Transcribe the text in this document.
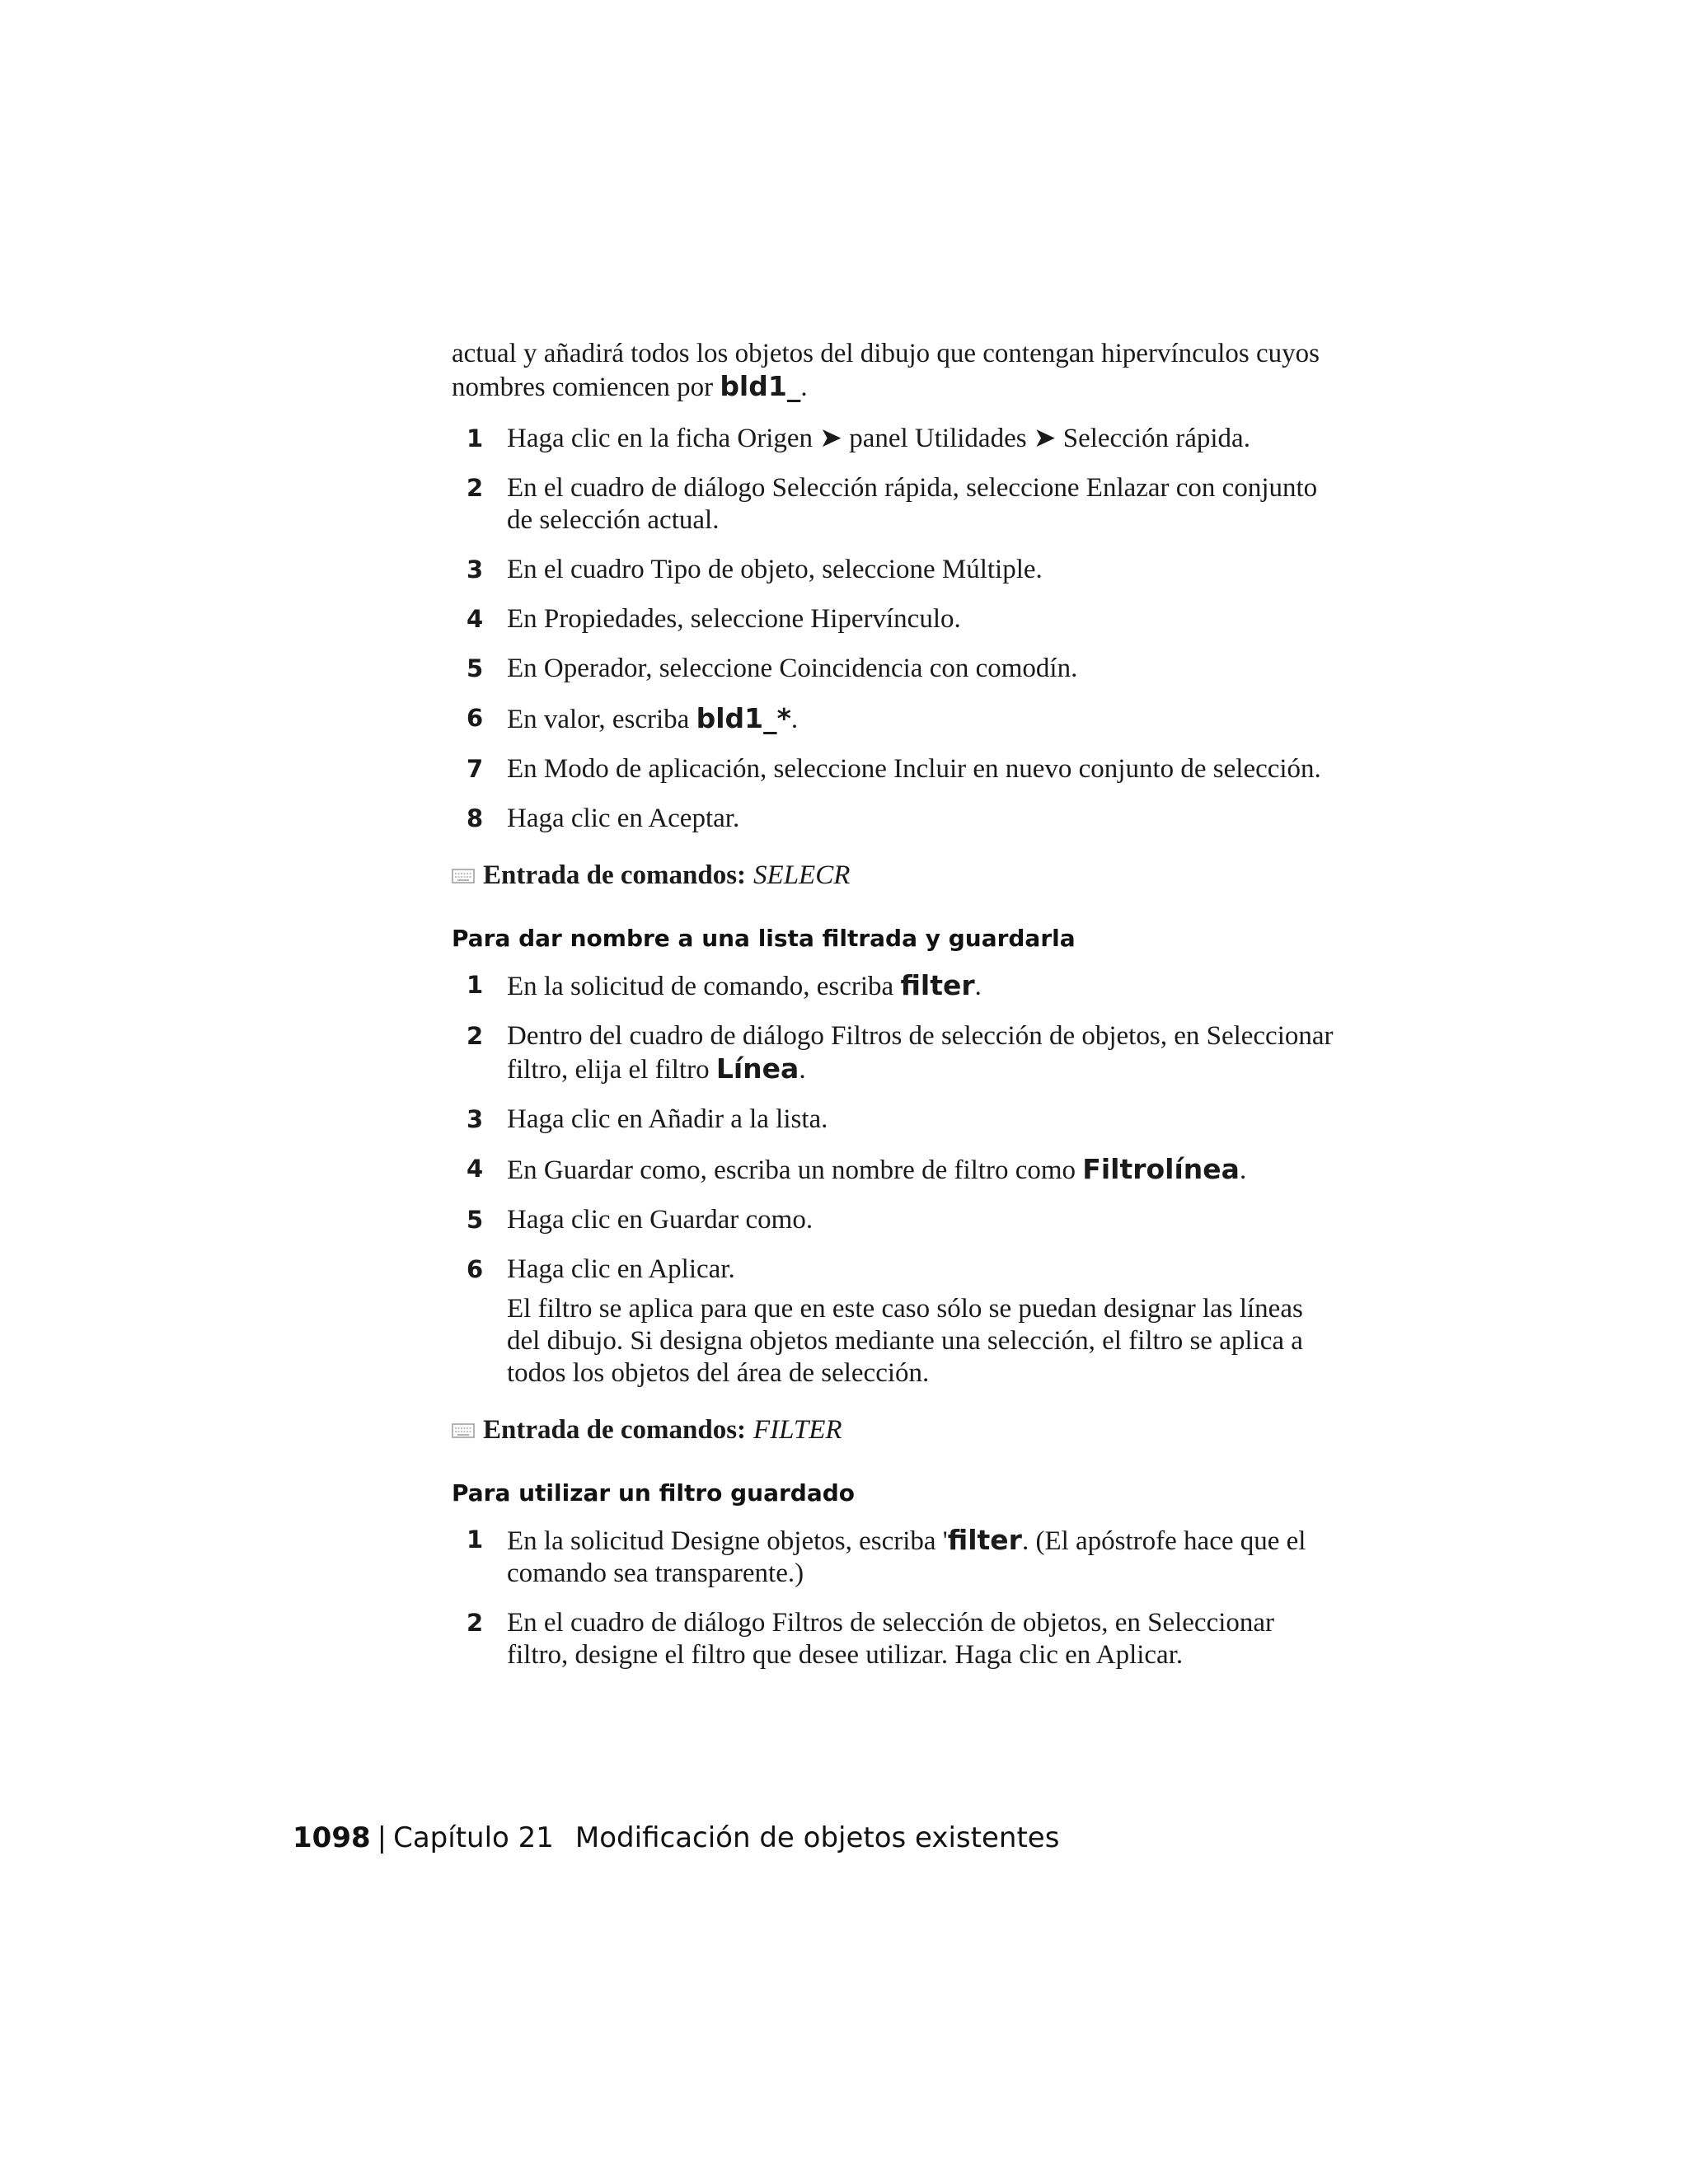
actual y añadirá todos los objetos del dibujo que contengan hipervínculos cuyos nombres comiencen por bld1_.

1 Haga clic en la ficha Origen ➤ panel Utilidades ➤ Selección rápida.
2 En el cuadro de diálogo Selección rápida, seleccione Enlazar con conjunto de selección actual.
3 En el cuadro Tipo de objeto, seleccione Múltiple.
4 En Propiedades, seleccione Hipervínculo.
5 En Operador, seleccione Coincidencia con comodín.
6 En valor, escriba bld1_*.
7 En Modo de aplicación, seleccione Incluir en nuevo conjunto de selección.
8 Haga clic en Aceptar.
Entrada de comandos: SELECR
Para dar nombre a una lista filtrada y guardarla
1 En la solicitud de comando, escriba filter.
2 Dentro del cuadro de diálogo Filtros de selección de objetos, en Seleccionar filtro, elija el filtro Línea.
3 Haga clic en Añadir a la lista.
4 En Guardar como, escriba un nombre de filtro como Filtrolínea.
5 Haga clic en Guardar como.
6 Haga clic en Aplicar.

El filtro se aplica para que en este caso sólo se puedan designar las líneas del dibujo. Si designa objetos mediante una selección, el filtro se aplica a todos los objetos del área de selección.

Entrada de comandos: FILTER
Para utilizar un filtro guardado
1 En la solicitud Designe objetos, escriba 'filter. (El apóstrofe hace que el comando sea transparente.)
2 En el cuadro de diálogo Filtros de selección de objetos, en Seleccionar filtro, designe el filtro que desee utilizar. Haga clic en Aplicar.
1098 | Capítulo 21 Modificación de objetos existentes
